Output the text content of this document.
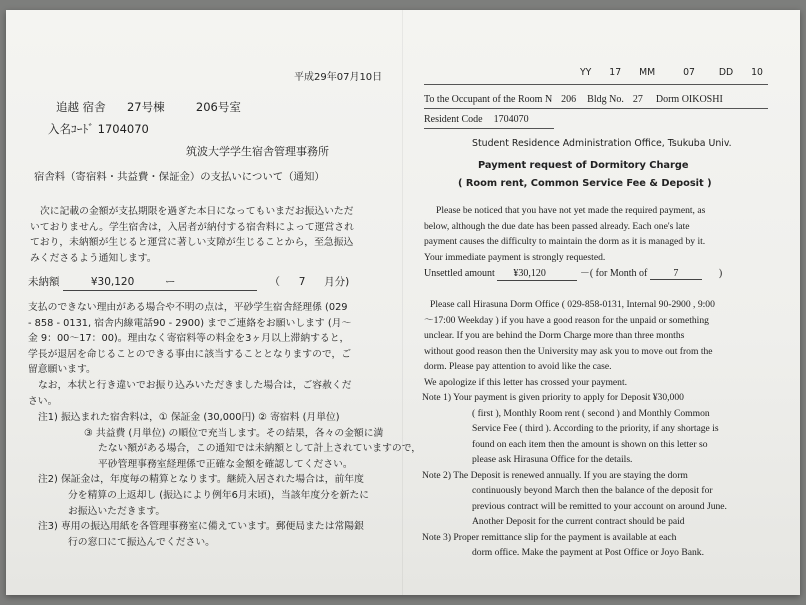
平成29年07月10日
追越 宿舎 27号棟	206号室
入名ｺｰﾄﾞ 1704070
筑波大学学生宿舎管理事務所
宿舎料（寄宿料・共益費・保証金）の支払いについて（通知）

次に記載の金額が支払期限を過ぎた本日になってもいまだお振込いただ

いておりません。学生宿舎は，入居者が納付する宿舎料によって運営され

ており，未納額が生じると運営に著しい支障が生じることから，至急振込

みくださるよう通知します。

未納額	¥30,120	ー	（ 7 月分)

支払のできない理由がある場合や不明の点は，平砂学生宿舎経理係 (029

- 858 - 0131, 宿舎内線電話90 - 2900) までご連絡をお願いします (月～

金 9：00～17：00)。理由なく寄宿料等の料金を3ヶ月以上滞納すると，

学長が退居を命じることのできる事由に該当することとなりますので，ご

留意願います。

なお，本状と行き違いでお振り込みいただきました場合は，ご容赦くだ

さい。

注1) 振込まれた宿舎料は，① 保証金 (30,000円) ② 寄宿料 (月単位)

③ 共益費 (月単位) の順位で充当します。その結果，各々の金額に満

たない額がある場合，この通知では未納額として計上されていますので，

平砂管理事務室経理係で正確な金額を確認してください。

注2) 保証金は，年度毎の精算となります。継続入居された場合は，前年度

分を精算の上返却し (振込により例年6月末頃)，当該年度分を新たに

お振込いただきます。

注3) 専用の振込用紙を各管理事務室に備えています。郵便局または常陽銀

行の窓口にて振込んでください。

YY 17 MM	07	DD 10
To the Occupant of the Room N 206 Bldg No. 27 Dorm OIKOSHI
Resident Code 1704070
Student Residence Administration Office, Tsukuba Univ.
Payment request of Dormitory Charge
( Room rent, Common Service Fee & Deposit )

Please be noticed that you have not yet made the required payment, as

below, although the due date has been passed already. Each one's late

payment causes the difficulty to maintain the dorm as it is managed by it.

Your immediate payment is strongly requested.

Unsettled amount ¥30,120	－( for Month of	7	)

Please call Hirasuna Dorm Office ( 029-858-0131, Internal 90-2900 , 9:00

～17:00 Weekday ) if you have a good reason for the unpaid or something

unclear. If you are behind the Dorm Charge more than three months

without good reason then the University may ask you to move out from the

dorm. Please pay attention to avoid like the case.

We apologize if this letter has crossed your payment.

Note 1) Your payment is given priority to apply for Deposit ¥30,000

( first ), Monthly Room rent ( second ) and Monthly Common

Service Fee ( third ). According to the priority, if any shortage is

found on each item then the amount is shown on this letter so

please ask Hirasuna Office for the details.

Note 2) The Deposit is renewed annually. If you are staying the dorm

continuously beyond March then the balance of the deposit for

previous contract will be remitted to your account on around June.

Another Deposit for the current contract should be paid

Note 3) Proper remittance slip for the payment is available at each

dorm office. Make the payment at Post Office or Joyo Bank.
